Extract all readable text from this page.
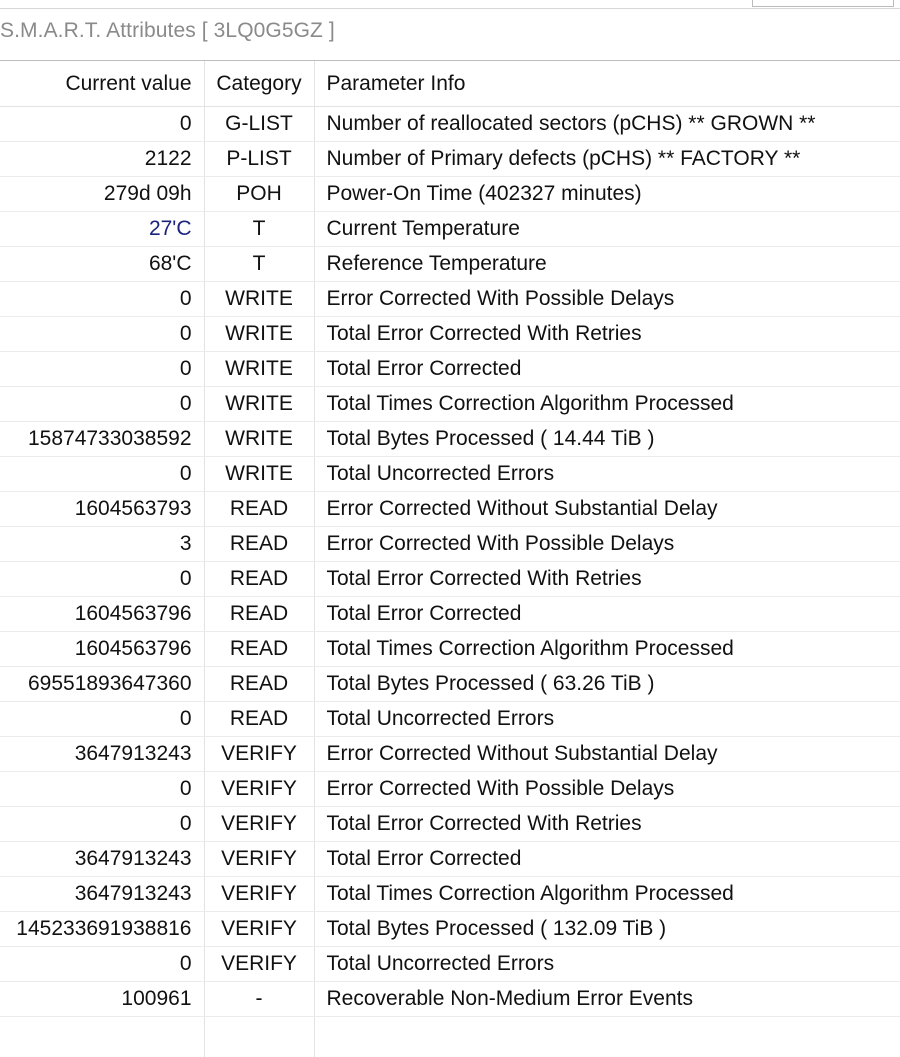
S.M.A.R.T. Attributes [ 3LQ0G5GZ ]
Current value	Category	Parameter Info
0	G-LIST	Number of reallocated sectors (pCHS) ** GROWN **
2122	P-LIST	Number of Primary defects (pCHS) ** FACTORY **
279d 09h	POH	Power-On Time (402327 minutes)
27'C	T	Current Temperature
68'C	T	Reference Temperature
0	WRITE	Error Corrected With Possible Delays
0	WRITE	Total Error Corrected With Retries
0	WRITE	Total Error Corrected
0	WRITE	Total Times Correction Algorithm Processed
15874733038592	WRITE	Total Bytes Processed ( 14.44 TiB )
0	WRITE	Total Uncorrected Errors
1604563793	READ	Error Corrected Without Substantial Delay
3	READ	Error Corrected With Possible Delays
0	READ	Total Error Corrected With Retries
1604563796	READ	Total Error Corrected
1604563796	READ	Total Times Correction Algorithm Processed
69551893647360	READ	Total Bytes Processed ( 63.26 TiB )
0	READ	Total Uncorrected Errors
3647913243	VERIFY	Error Corrected Without Substantial Delay
0	VERIFY	Error Corrected With Possible Delays
0	VERIFY	Total Error Corrected With Retries
3647913243	VERIFY	Total Error Corrected
3647913243	VERIFY	Total Times Correction Algorithm Processed
145233691938816	VERIFY	Total Bytes Processed ( 132.09 TiB )
0	VERIFY	Total Uncorrected Errors
100961	-	Recoverable Non-Medium Error Events
